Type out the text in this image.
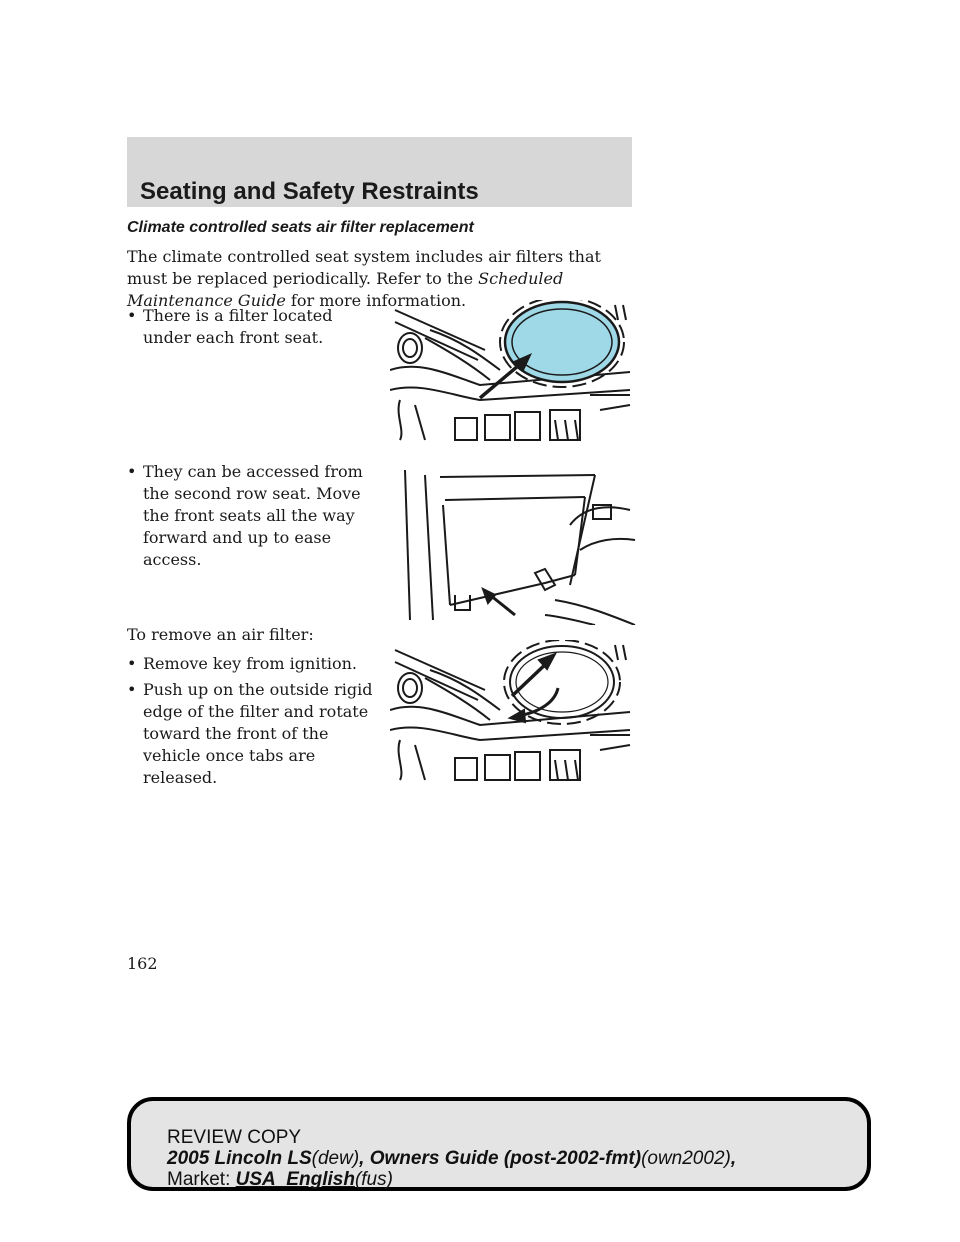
Seating and Safety Restraints
Climate controlled seats air filter replacement
The climate controlled seat system includes air filters that must be replaced periodically. Refer to the Scheduled Maintenance Guide for more information.
• There is a filter located under each front seat.
• They can be accessed from the second row seat. Move the front seats all the way forward and up to ease access.
To remove an air filter:
• Remove key from ignition.
• Push up on the outside rigid edge of the filter and rotate toward the front of the vehicle once tabs are released.
162
REVIEW COPY
2005 Lincoln LS(dew), Owners Guide (post-2002-fmt)(own2002),
Market: USA_English(fus)
